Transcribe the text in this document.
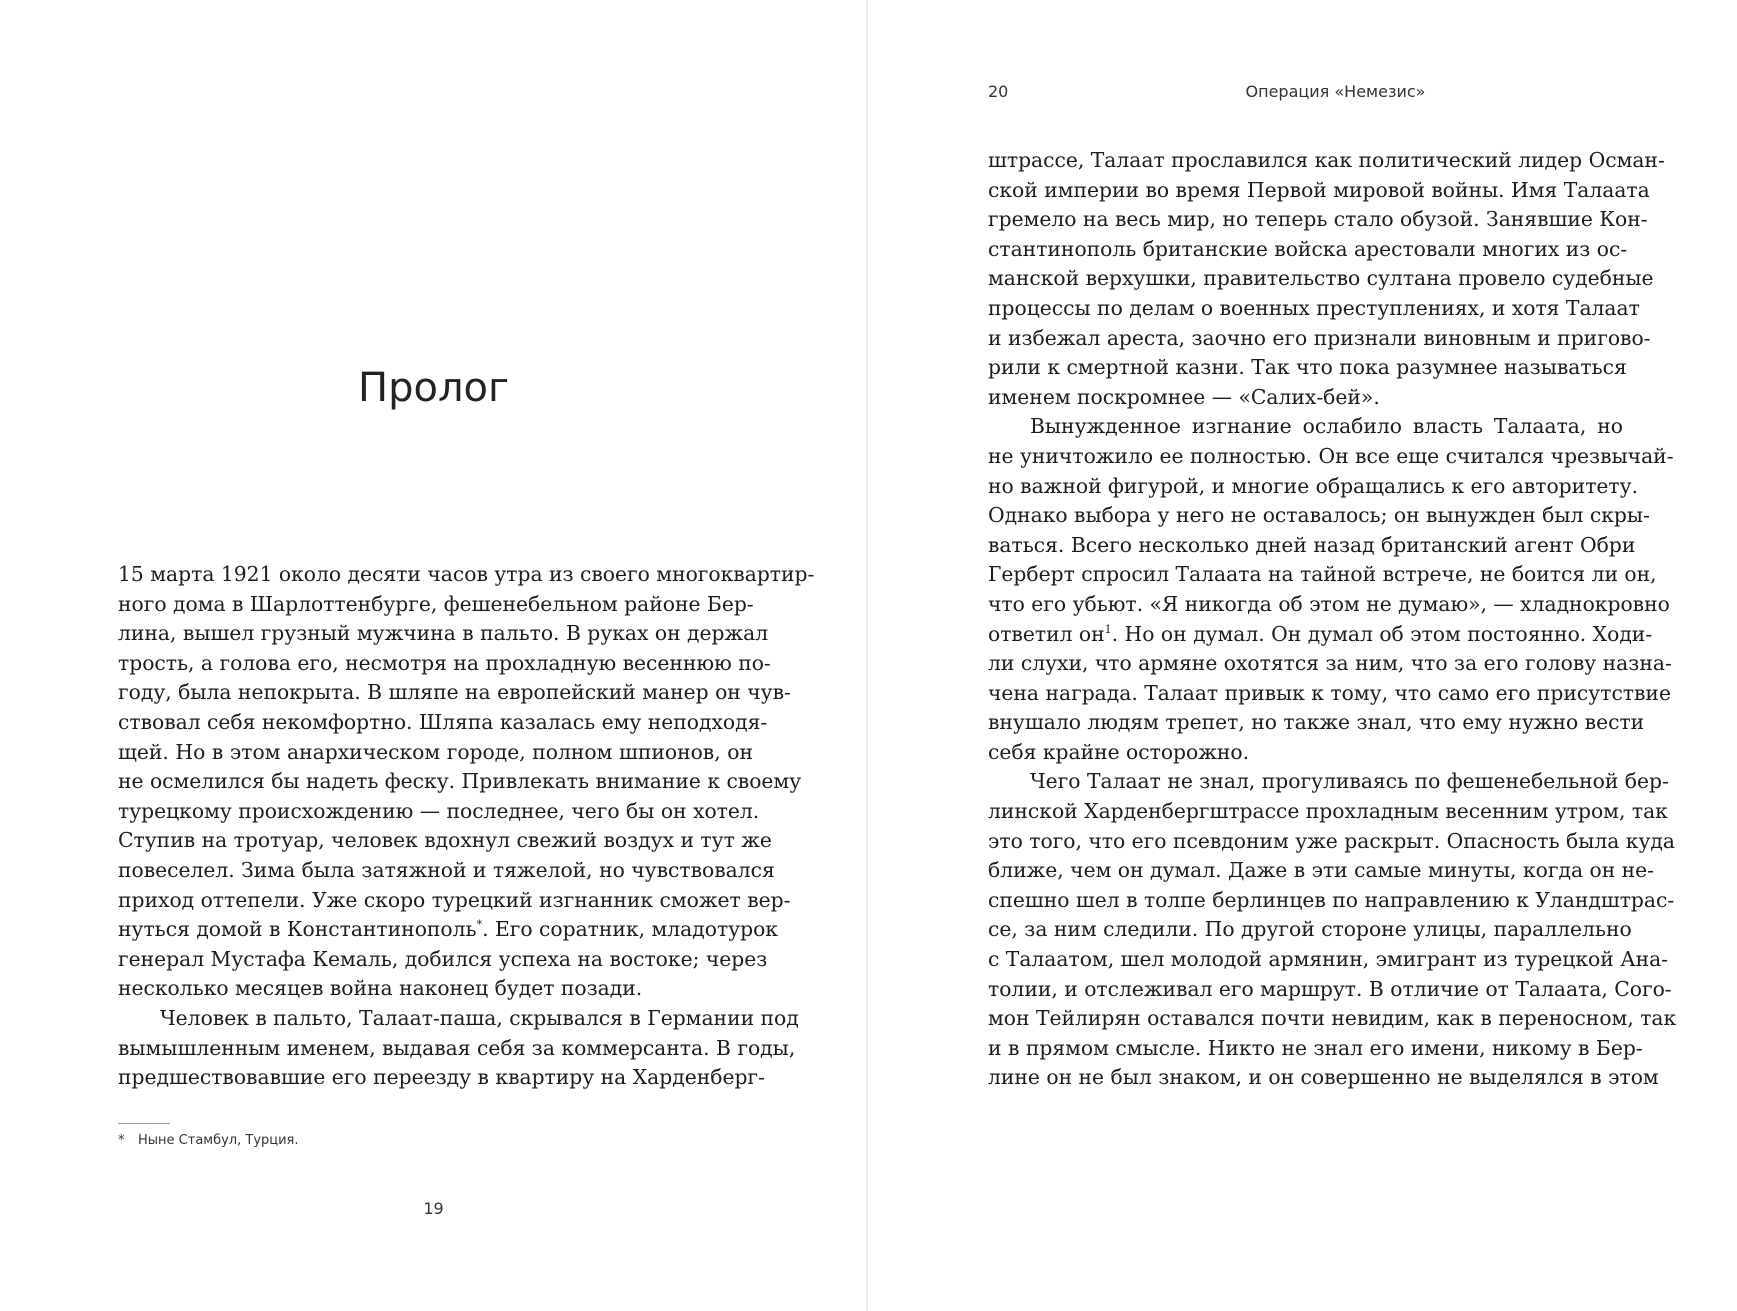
Пролог
15 марта 1921 около десяти часов утра из своего многоквартир-
ного дома в Шарлоттенбурге, фешенебельном районе Бер-
лина, вышел грузный мужчина в пальто. В руках он держал
трость, а голова его, несмотря на прохладную весеннюю по-
году, была непокрыта. В шляпе на европейский манер он чув-
ствовал себя некомфортно. Шляпа казалась ему неподходя-
щей. Но в этом анархическом городе, полном шпионов, он
не осмелился бы надеть феску. Привлекать внимание к своему
турецкому происхождению — последнее, чего бы он хотел.
Ступив на тротуар, человек вдохнул свежий воздух и тут же
повеселел. Зима была затяжной и тяжелой, но чувствовался
приход оттепели. Уже скоро турецкий изгнанник сможет вер-
нуться домой в Константинополь*. Его соратник, младотурок
генерал Мустафа Кемаль, добился успеха на востоке; через
несколько месяцев война наконец будет позади.
Человек в пальто, Талаат-паша, скрывался в Германии под
вымышленным именем, выдавая себя за коммерсанта. В годы,
предшествовавшие его переезду в квартиру на Харденберг-
* Ныне Стамбул, Турция.
19
20	Операция «Немезис»
штрассе, Талаат прославился как политический лидер Осман-
ской империи во время Первой мировой войны. Имя Талаата
гремело на весь мир, но теперь стало обузой. Занявшие Кон-
стантинополь британские войска арестовали многих из ос-
манской верхушки, правительство султана провело судебные
процессы по делам о военных преступлениях, и хотя Талаат
и избежал ареста, заочно его признали виновным и пригово-
рили к смертной казни. Так что пока разумнее называться
именем поскромнее — «Салих-бей».
Вынужденное изгнание ослабило власть Талаата, но
не уничтожило ее полностью. Он все еще считался чрезвычай-
но важной фигурой, и многие обращались к его авторитету.
Однако выбора у него не оставалось; он вынужден был скры-
ваться. Всего несколько дней назад британский агент Обри
Герберт спросил Талаата на тайной встрече, не боится ли он,
что его убьют. «Я никогда об этом не думаю», — хладнокровно
ответил $он^1$. Но он думал. Он думал об этом постоянно. Ходи-
ли слухи, что армяне охотятся за ним, что за его голову назна-
чена награда. Талаат привык к тому, что само его присутствие
внушало людям трепет, но также знал, что ему нужно вести
себя крайне осторожно.
Чего Талаат не знал, прогуливаясь по фешенебельной бер-
линской Харденбергштрассе прохладным весенним утром, так
это того, что его псевдоним уже раскрыт. Опасность была куда
ближе, чем он думал. Даже в эти самые минуты, когда он не-
спешно шел в толпе берлинцев по направлению к Уландштрас-
се, за ним следили. По другой стороне улицы, параллельно
с Талаатом, шел молодой армянин, эмигрант из турецкой Ана-
толии, и отслеживал его маршрут. В отличие от Талаата, Согo-
мон Тейлирян оставался почти невидим, как в переносном, так
и в прямом смысле. Никто не знал его имени, никому в Бер-
лине он не был знаком, и он совершенно не выделялся в этом
